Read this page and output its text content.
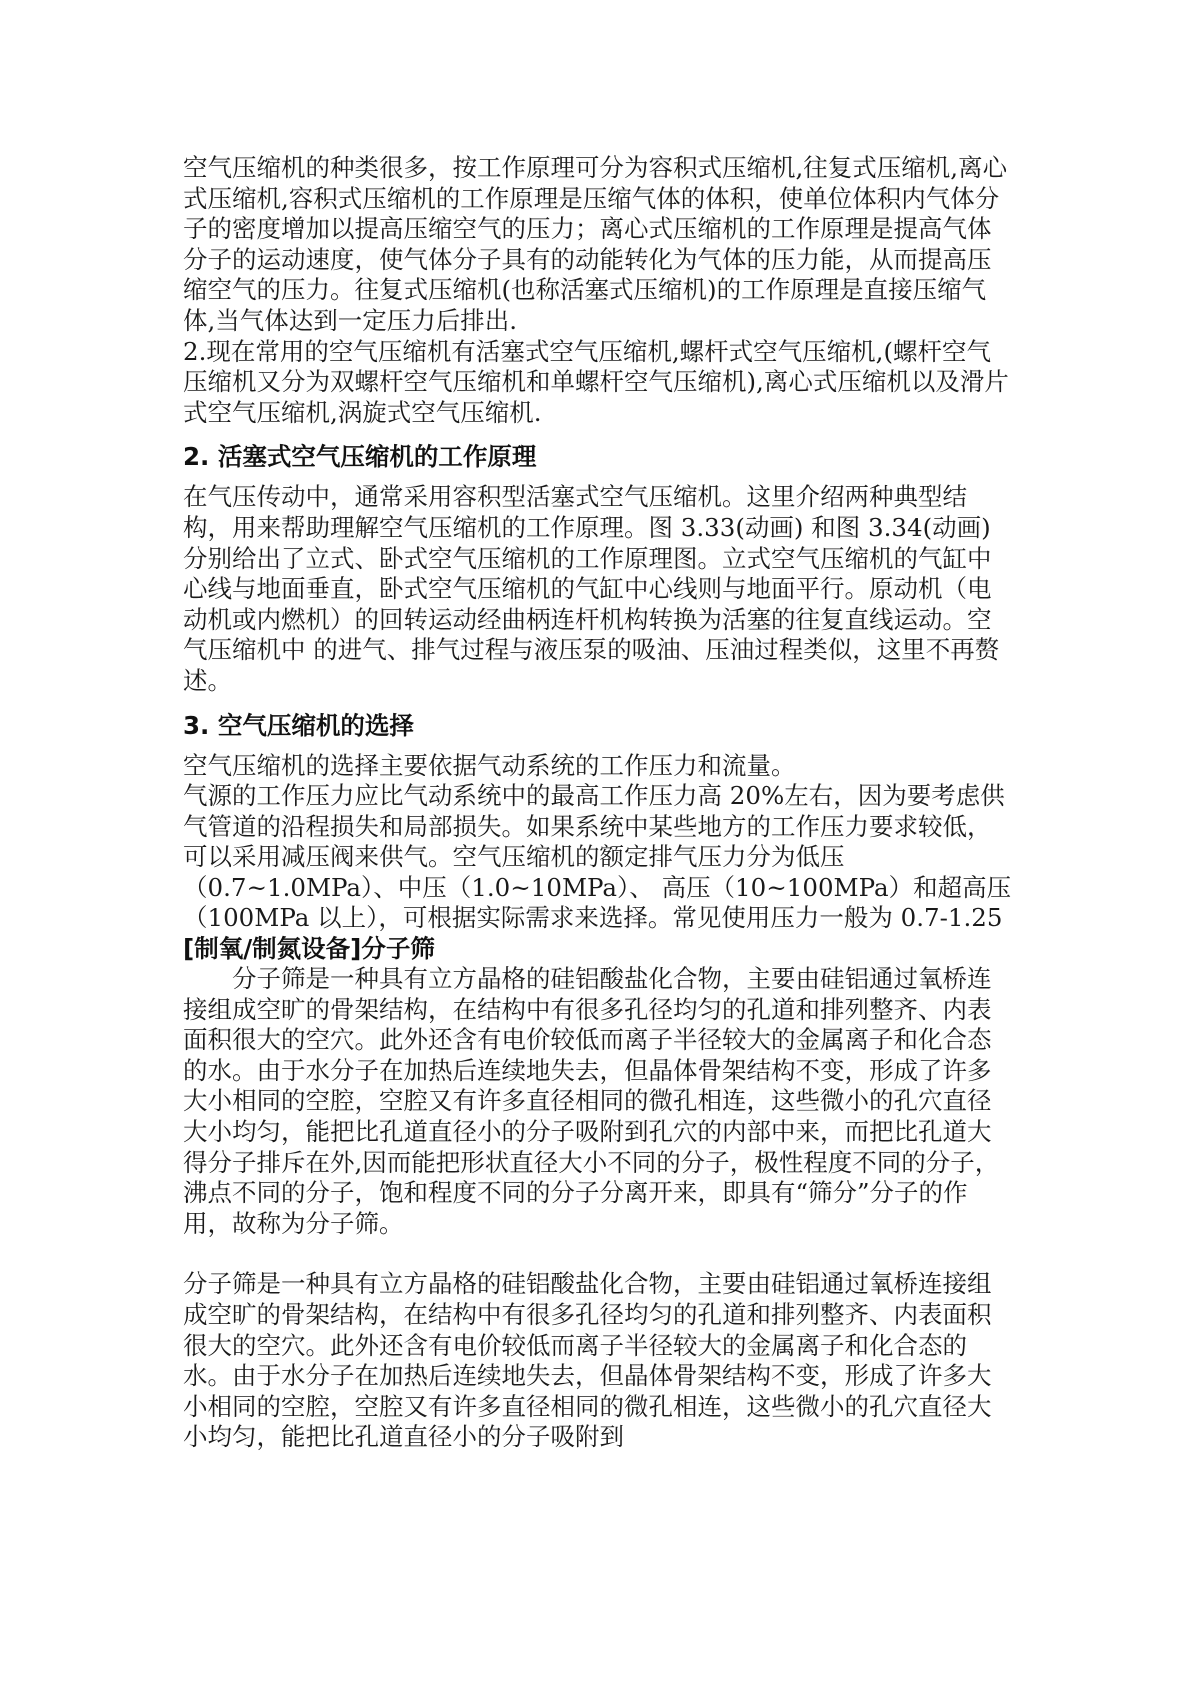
空气压缩机的种类很多，按工作原理可分为容积式压缩机,往复式压缩机,离心式压缩机,容积式压缩机的工作原理是压缩气体的体积，使单位体积内气体分子的密度增加以提高压缩空气的压力；离心式压缩机的工作原理是提高气体分子的运动速度，使气体分子具有的动能转化为气体的压力能，从而提高压缩空气的压力。往复式压缩机(也称活塞式压缩机)的工作原理是直接压缩气体,当气体达到一定压力后排出.

2.现在常用的空气压缩机有活塞式空气压缩机,螺杆式空气压缩机,(螺杆空气压缩机又分为双螺杆空气压缩机和单螺杆空气压缩机),离心式压缩机以及滑片式空气压缩机,涡旋式空气压缩机.

2. 活塞式空气压缩机的工作原理

在气压传动中，通常采用容积型活塞式空气压缩机。这里介绍两种典型结构，用来帮助理解空气压缩机的工作原理。图 3.33(动画) 和图 3.34(动画) 分别给出了立式、卧式空气压缩机的工作原理图。立式空气压缩机的气缸中心线与地面垂直，卧式空气压缩机的气缸中心线则与地面平行。原动机（电动机或内燃机）的回转运动经曲柄连杆机构转换为活塞的往复直线运动。空气压缩机中 的进气、排气过程与液压泵的吸油、压油过程类似，这里不再赘述。

3. 空气压缩机的选择

空气压缩机的选择主要依据气动系统的工作压力和流量。

气源的工作压力应比气动系统中的最高工作压力高 20%左右，因为要考虑供气管道的沿程损失和局部损失。如果系统中某些地方的工作压力要求较低，可以采用减压阀来供气。空气压缩机的额定排气压力分为低压（0.7~1.0MPa）、中压（1.0~10MPa）、 高压（10~100MPa）和超高压（100MPa 以上），可根据实际需求来选择。常见使用压力一般为 0.7-1.25

[制氧/制氮设备]分子筛

分子筛是一种具有立方晶格的硅铝酸盐化合物，主要由硅铝通过氧桥连接组成空旷的骨架结构，在结构中有很多孔径均匀的孔道和排列整齐、内表面积很大的空穴。此外还含有电价较低而离子半径较大的金属离子和化合态的水。由于水分子在加热后连续地失去，但晶体骨架结构不变，形成了许多大小相同的空腔，空腔又有许多直径相同的微孔相连，这些微小的孔穴直径大小均匀，能把比孔道直径小的分子吸附到孔穴的内部中来，而把比孔道大得分子排斥在外,因而能把形状直径大小不同的分子，极性程度不同的分子，沸点不同的分子，饱和程度不同的分子分离开来，即具有“筛分”分子的作用，故称为分子筛。

分子筛是一种具有立方晶格的硅铝酸盐化合物，主要由硅铝通过氧桥连接组成空旷的骨架结构，在结构中有很多孔径均匀的孔道和排列整齐、内表面积很大的空穴。此外还含有电价较低而离子半径较大的金属离子和化合态的水。由于水分子在加热后连续地失去，但晶体骨架结构不变，形成了许多大小相同的空腔，空腔又有许多直径相同的微孔相连，这些微小的孔穴直径大小均匀，能把比孔道直径小的分子吸附到
